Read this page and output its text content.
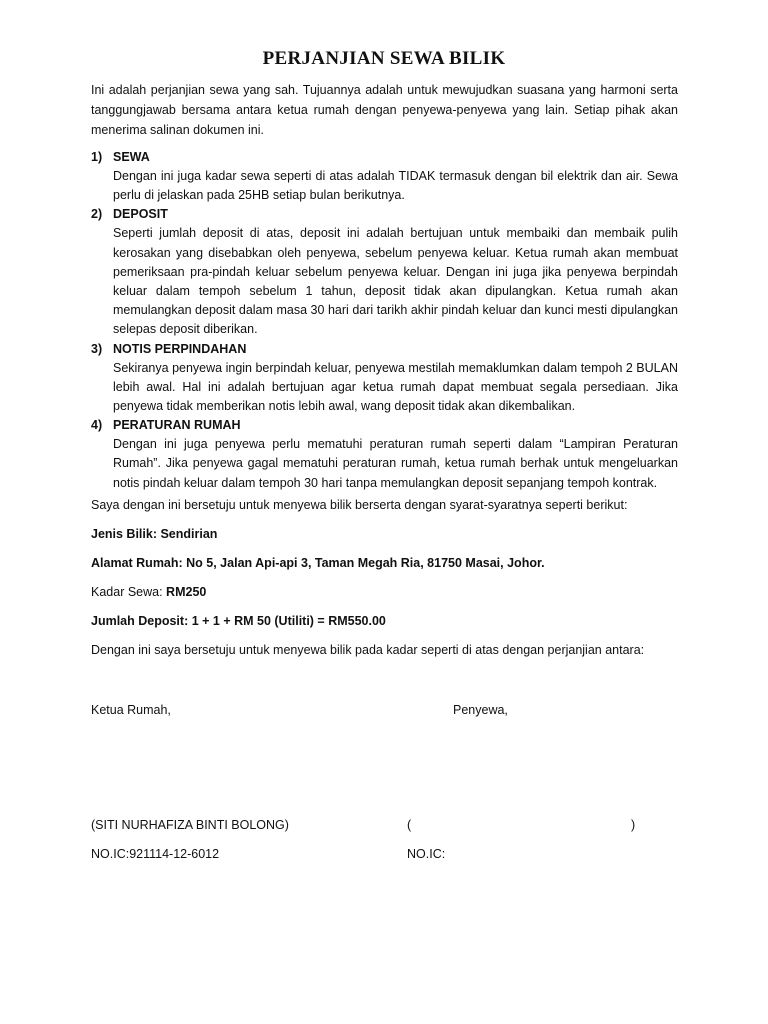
PERJANJIAN SEWA BILIK
Ini adalah perjanjian sewa yang sah. Tujuannya adalah untuk mewujudkan suasana yang harmoni serta tanggungjawab bersama antara ketua rumah dengan penyewa-penyewa yang lain. Setiap pihak akan menerima salinan dokumen ini.
1) SEWA
Dengan ini juga kadar sewa seperti di atas adalah TIDAK termasuk dengan bil elektrik dan air. Sewa perlu di jelaskan pada 25HB setiap bulan berikutnya.
2) DEPOSIT
Seperti jumlah deposit di atas, deposit ini adalah bertujuan untuk membaiki dan membaik pulih kerosakan yang disebabkan oleh penyewa, sebelum penyewa keluar. Ketua rumah akan membuat pemeriksaan pra-pindah keluar sebelum penyewa keluar. Dengan ini juga jika penyewa berpindah keluar dalam tempoh sebelum 1 tahun, deposit tidak akan dipulangkan. Ketua rumah akan memulangkan deposit dalam masa 30 hari dari tarikh akhir pindah keluar dan kunci mesti dipulangkan selepas deposit diberikan.
3) NOTIS PERPINDAHAN
Sekiranya penyewa ingin berpindah keluar, penyewa mestilah memaklumkan dalam tempoh 2 BULAN lebih awal. Hal ini adalah bertujuan agar ketua rumah dapat membuat segala persediaan. Jika penyewa tidak memberikan notis lebih awal, wang deposit tidak akan dikembalikan.
4) PERATURAN RUMAH
Dengan ini juga penyewa perlu mematuhi peraturan rumah seperti dalam “Lampiran Peraturan Rumah”. Jika penyewa gagal mematuhi peraturan rumah, ketua rumah berhak untuk mengeluarkan notis pindah keluar dalam tempoh 30 hari tanpa memulangkan deposit sepanjang tempoh kontrak.
Saya dengan ini bersetuju untuk menyewa bilik berserta dengan syarat-syaratnya seperti berikut:
Jenis Bilik: Sendirian
Alamat Rumah: No 5, Jalan Api-api 3, Taman Megah Ria, 81750 Masai, Johor.
Kadar Sewa: RM250
Jumlah Deposit: 1 + 1 + RM 50 (Utiliti) = RM550.00
Dengan ini saya bersetuju untuk menyewa bilik pada kadar seperti di atas dengan perjanjian antara:
Ketua Rumah,	Penyewa,
(SITI NURHAFIZA BINTI BOLONG)	(	)
NO.IC:921114-12-6012	NO.IC:
